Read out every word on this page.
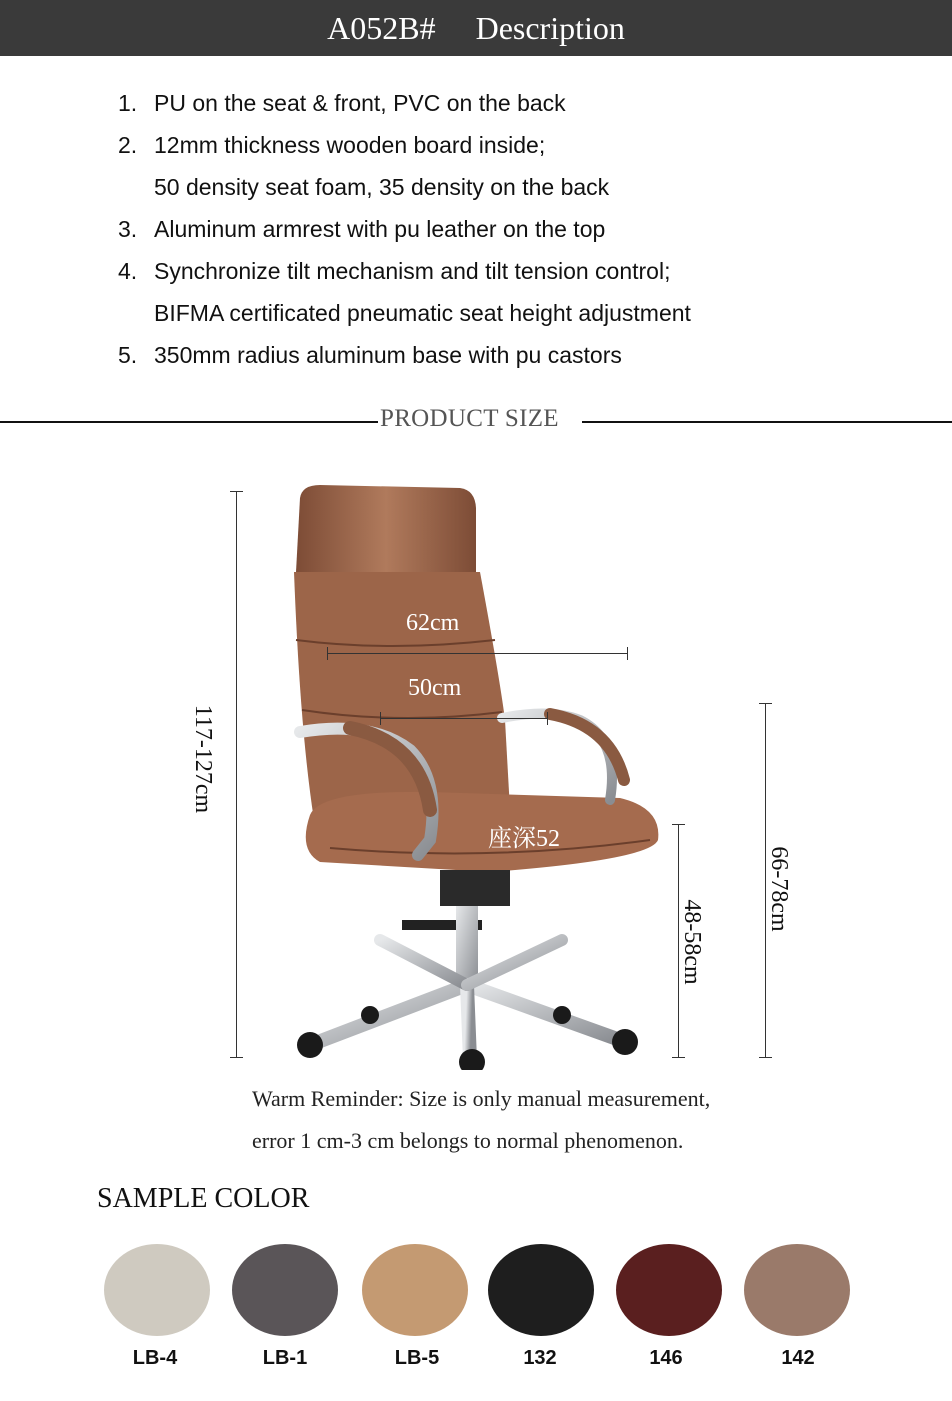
A052B# Description
1. PU on the seat & front, PVC on the back
2. 12mm thickness wooden board inside;
50 density seat foam, 35 density on the back
3. Aluminum armrest with pu leather on the top
4. Synchronize tilt mechanism and tilt tension control;
BIFMA certificated pneumatic seat height adjustment
5. 350mm radius aluminum base with pu castors
PRODUCT SIZE
117-127cm
62cm
50cm
座深52
48-58cm
66-78cm
Warm Reminder: Size is only manual measurement,
error 1 cm-3 cm belongs to normal phenomenon.
SAMPLE COLOR
LB-4	LB-1	LB-5	132	146	142
